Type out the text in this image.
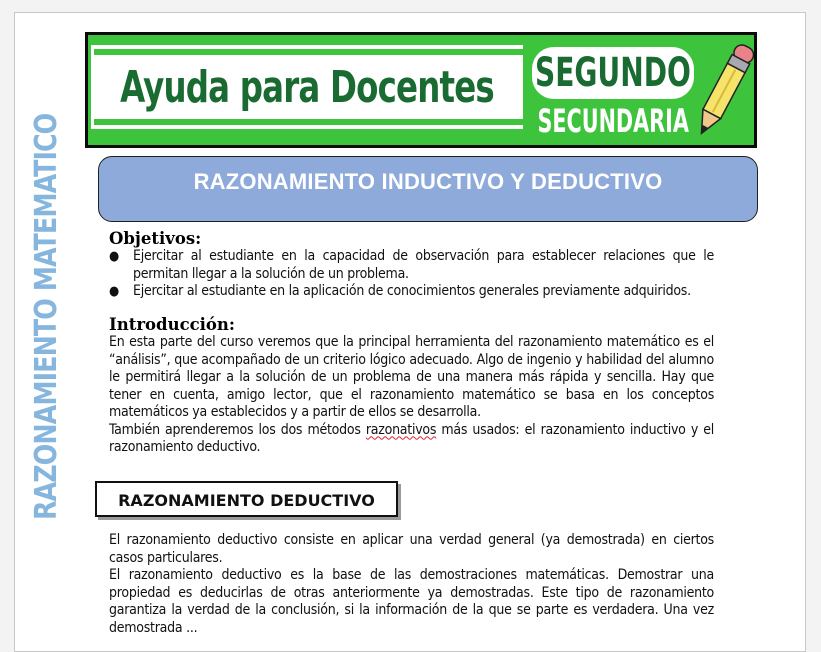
Ayuda para Docentes SEGUNDO
SECUNDARIA
RAZONAMIENTO MATEMATICO	RAZONAMIENTO INDUCTIVO Y DEDUCTIVO
Objetivos:
● Ejercitar al estudiante en la capacidad de observación para establecer relaciones que le permitan llegar a la solución de un problema.
● Ejercitar al estudiante en la aplicación de conocimientos generales previamente adquiridos.
Introducción:
En esta parte del curso veremos que la principal herramienta del razonamiento matemático es el “análisis”, que acompañado de un criterio lógico adecuado. Algo de ingenio y habilidad del alumno le permitirá llegar a la solución de un problema de una manera más rápida y sencilla. Hay que tener en cuenta, amigo lector, que el razonamiento matemático se basa en los conceptos matemáticos ya establecidos y a partir de ellos se desarrolla.
También aprenderemos los dos métodos razonativos más usados: el razonamiento inductivo y el razonamiento deductivo.
RAZONAMIENTO DEDUCTIVO
El razonamiento deductivo consiste en aplicar una verdad general (ya demostrada) en ciertos casos particulares.
El razonamiento deductivo es la base de las demostraciones matemáticas. Demostrar una propiedad es deducirlas de otras anteriormente ya demostradas. Este tipo de razonamiento garantiza la verdad de la conclusión, si la información de la que se parte es verdadera. Una vez demostrada ...
